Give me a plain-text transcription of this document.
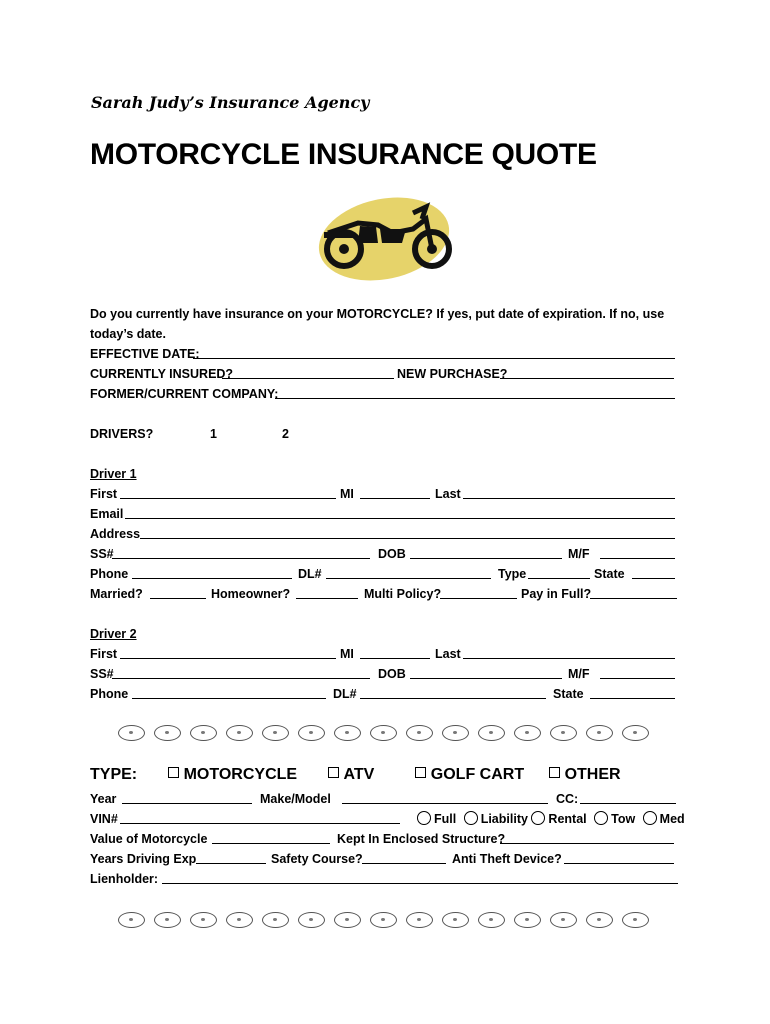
Sarah Judy’s Insurance Agency
MOTORCYCLE INSURANCE QUOTE
Do you currently have insurance on your MOTORCYCLE? If yes, put date of expiration. If no, use
today’s date.
EFFECTIVE DATE:
CURRENTLY INSURED?	NEW PURCHASE?
FORMER/CURRENT COMPANY:
DRIVERS?	1	2
Driver 1
First	MI	Last
Email
Address
SS#	DOB	M/F
Phone	DL#	Type	State
Married?	Homeowner?	Multi Policy?	Pay in Full?
Driver 2
First	MI	Last
SS#	DOB	M/F
Phone	DL#	State
TYPE:	MOTORCYCLE	ATV	GOLF CART	OTHER
Year	Make/Model	CC:
VIN#	Full Liability Rental Tow Med
Value of Motorcycle	Kept In Enclosed Structure?
Years Driving Exp	Safety Course?	Anti Theft Device?
Lienholder:
